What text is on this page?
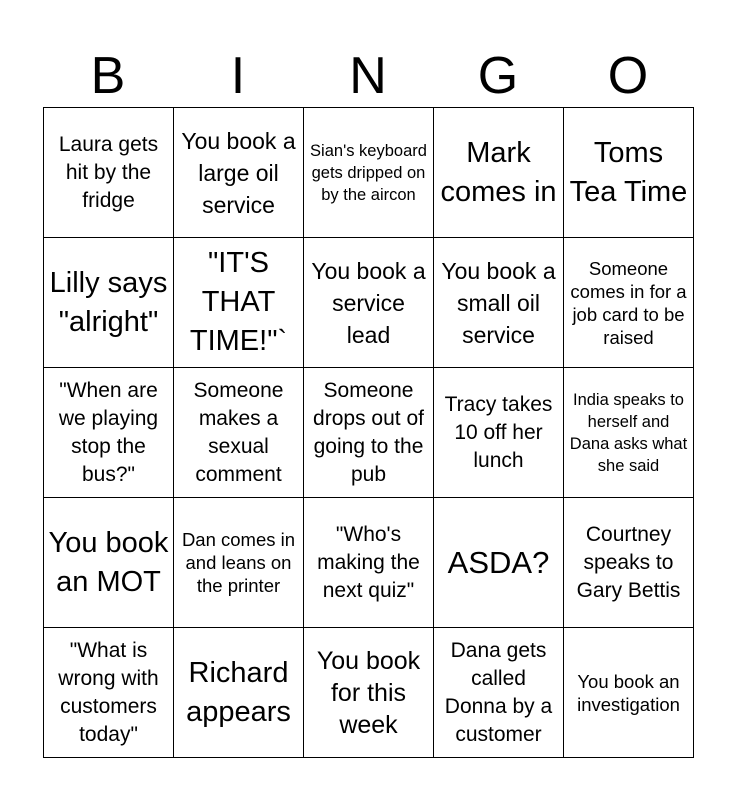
B	I	N	G	O
Laura gets hit by the fridge	You book a large oil service	Sian's keyboard gets dripped on by the aircon	Mark comes in	Toms Tea Time

Lilly says "alright"	"IT'S THAT TIME!"`	You book a service lead	You book a small oil service	Someone comes in for a job card to be raised

"When are we playing stop the bus?"	Someone makes a sexual comment	Someone drops out of going to the pub	Tracy takes 10 off her lunch	India speaks to herself and Dana asks what she said

You book an MOT	Dan comes in and leans on the printer	"Who's making the next quiz"	ASDA?	Courtney speaks to Gary Bettis

"What is wrong with customers today"	Richard appears	You book for this week	Dana gets called Donna by a customer	You book an investigation
